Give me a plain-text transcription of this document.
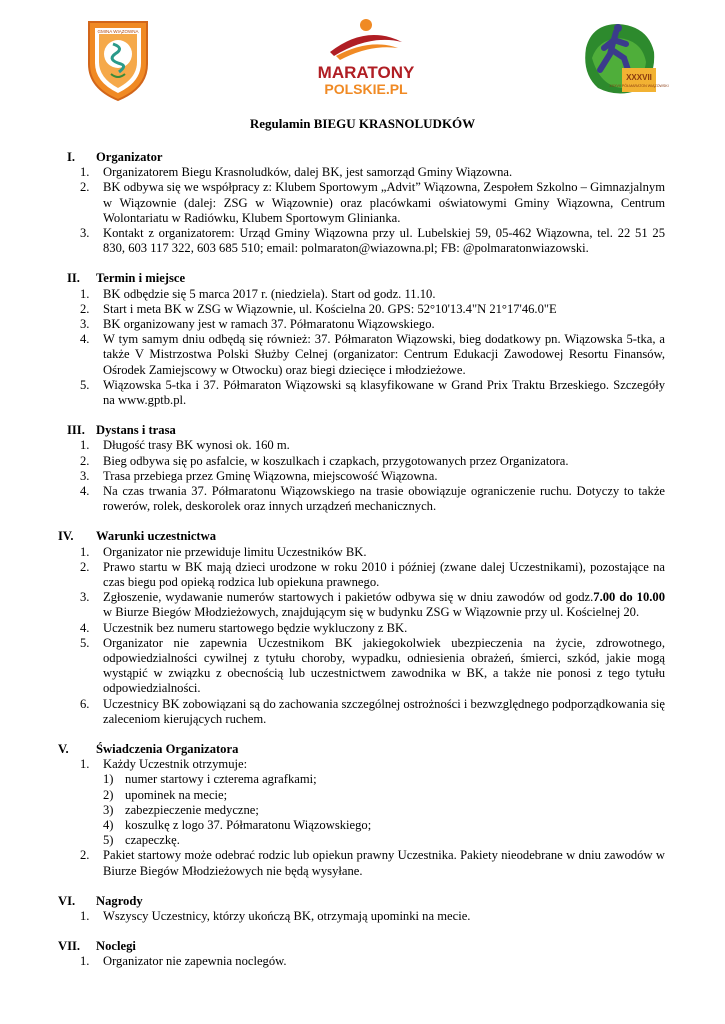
GMINA WIĄZOWNA
MARATONY
POLSKIE.PL
XXXVII
XXXVII PÓŁMARATON WIĄZOWSKI
Regulamin BIEGU KRASNOLUDKÓW
I. Organizator
1. Organizatorem Biegu Krasnoludków, dalej BK, jest samorząd Gminy Wiązowna.
2. BK odbywa się we współpracy z: Klubem Sportowym „Advit” Wiązowna, Zespołem Szkolno – Gimnazjalnym w Wiązownie (dalej: ZSG w Wiązownie) oraz placówkami oświatowymi Gminy Wiązowna, Centrum Wolontariatu w Radiówku, Klubem Sportowym Glinianka.
3. Kontakt z organizatorem: Urząd Gminy Wiązowna przy ul. Lubelskiej 59, 05-462 Wiązowna, tel. 22 51 25 830, 603 117 322, 603 685 510; email: polmaraton@wiazowna.pl; FB: @polmaratonwiazowski.
II. Termin i miejsce
1. BK odbędzie się 5 marca 2017 r. (niedziela). Start od godz. 11.10.
2. Start i meta BK w ZSG w Wiązownie, ul. Kościelna 20. GPS: 52°10'13.4"N 21°17'46.0"E
3. BK organizowany jest w ramach 37. Półmaratonu Wiązowskiego.
4. W tym samym dniu odbędą się również: 37. Półmaraton Wiązowski, bieg dodatkowy pn. Wiązowska 5-tka, a także V Mistrzostwa Polski Służby Celnej (organizator: Centrum Edukacji Zawodowej Resortu Finansów, Ośrodek Zamiejscowy w Otwocku) oraz biegi dziecięce i młodzieżowe.
5. Wiązowska 5-tka i 37. Półmaraton Wiązowski są klasyfikowane w Grand Prix Traktu Brzeskiego. Szczegóły na www.gptb.pl.
III. Dystans i trasa
1. Długość trasy BK wynosi ok. 160 m.
2. Bieg odbywa się po asfalcie, w koszulkach i czapkach, przygotowanych przez Organizatora.
3. Trasa przebiega przez Gminę Wiązowna, miejscowość Wiązowna.
4. Na czas trwania 37. Półmaratonu Wiązowskiego na trasie obowiązuje ograniczenie ruchu. Dotyczy to także rowerów, rolek, deskorolek oraz innych urządzeń mechanicznych.
IV. Warunki uczestnictwa
1. Organizator nie przewiduje limitu Uczestników BK.
2. Prawo startu w BK mają dzieci urodzone w roku 2010 i później (zwane dalej Uczestnikami), pozostające na czas biegu pod opieką rodzica lub opiekuna prawnego.
3. Zgłoszenie, wydawanie numerów startowych i pakietów odbywa się w dniu zawodów od godz.7.00 do 10.00 w Biurze Biegów Młodzieżowych, znajdującym się w budynku ZSG w Wiązownie przy ul. Kościelnej 20.
4. Uczestnik bez numeru startowego będzie wykluczony z BK.
5. Organizator nie zapewnia Uczestnikom BK jakiegokolwiek ubezpieczenia na życie, zdrowotnego, odpowiedzialności cywilnej z tytułu choroby, wypadku, odniesienia obrażeń, śmierci, szkód, jakie mogą wystąpić w związku z obecnością lub uczestnictwem zawodnika w BK, a także nie ponosi z tego tytułu odpowiedzialności.
6. Uczestnicy BK zobowiązani są do zachowania szczególnej ostrożności i bezwzględnego podporządkowania się zaleceniom kierujących ruchem.
V. Świadczenia Organizatora
1. Każdy Uczestnik otrzymuje:
1) numer startowy i czterema agrafkami;
2) upominek na mecie;
3) zabezpieczenie medyczne;
4) koszulkę z logo 37. Półmaratonu Wiązowskiego;
5) czapeczkę.
2. Pakiet startowy może odebrać rodzic lub opiekun prawny Uczestnika. Pakiety nieodebrane w dniu zawodów w Biurze Biegów Młodzieżowych nie będą wysyłane.
VI. Nagrody
1. Wszyscy Uczestnicy, którzy ukończą BK, otrzymają upominki na mecie.
VII. Noclegi
1. Organizator nie zapewnia noclegów.
